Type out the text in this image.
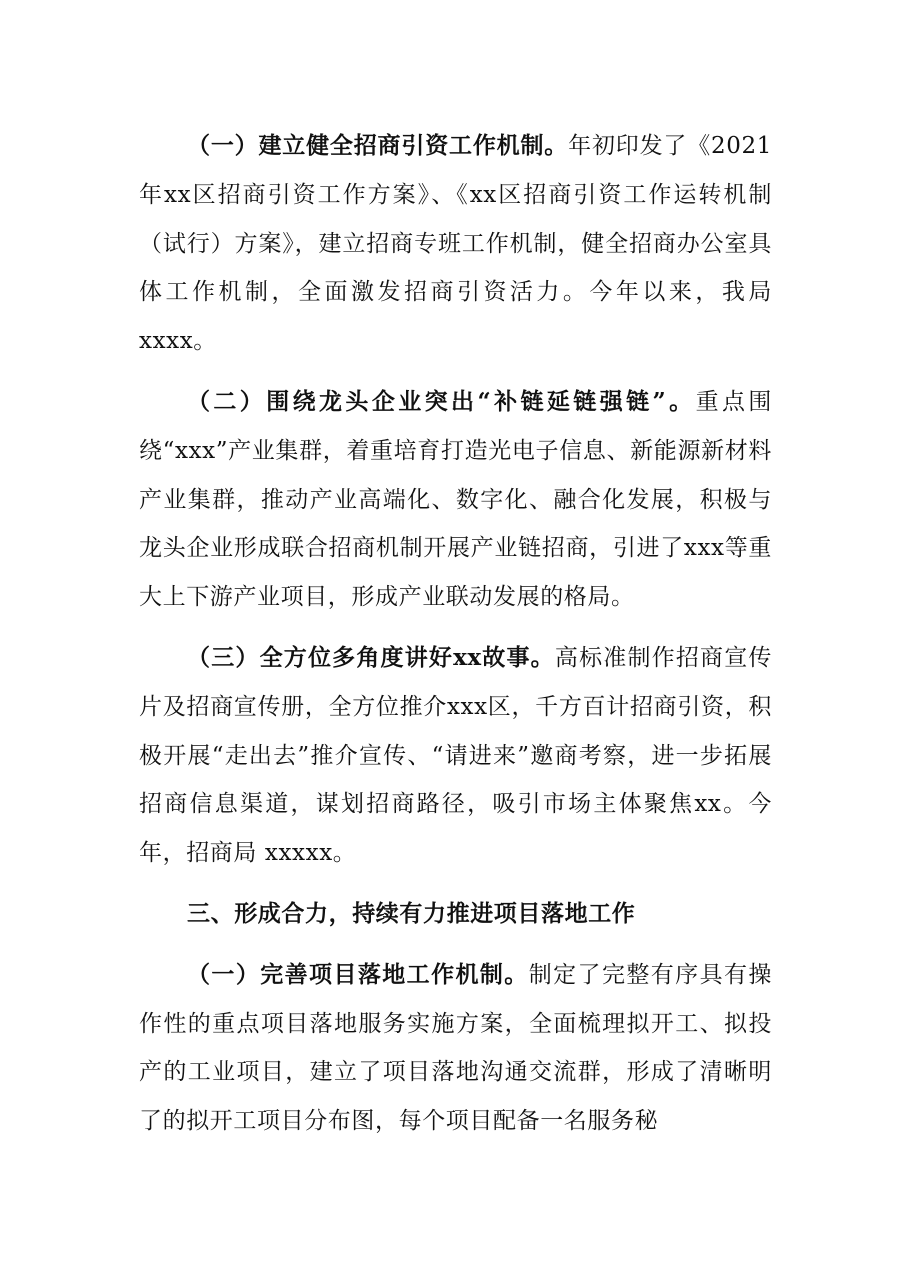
（一）建立健全招商引资工作机制。年初印发了《2021年xx区招商引资工作方案》、《xx区招商引资工作运转机制（试行）方案》，建立招商专班工作机制，健全招商办公室具体工作机制，全面激发招商引资活力。今年以来，我局 xxxx。

（二）围绕龙头企业突出“补链延链强链”。重点围绕“xxx”产业集群，着重培育打造光电子信息、新能源新材料产业集群，推动产业高端化、数字化、融合化发展，积极与龙头企业形成联合招商机制开展产业链招商，引进了xxx等重大上下游产业项目，形成产业联动发展的格局。

（三）全方位多角度讲好xx故事。高标准制作招商宣传片及招商宣传册，全方位推介xxx区，千方百计招商引资，积极开展“走出去”推介宣传、“请进来”邀商考察，进一步拓展招商信息渠道，谋划招商路径，吸引市场主体聚焦xx。今年，招商局 xxxxx。

三、形成合力，持续有力推进项目落地工作

（一）完善项目落地工作机制。制定了完整有序具有操作性的重点项目落地服务实施方案，全面梳理拟开工、拟投产的工业项目，建立了项目落地沟通交流群，形成了清晰明了的拟开工项目分布图，每个项目配备一名服务秘
